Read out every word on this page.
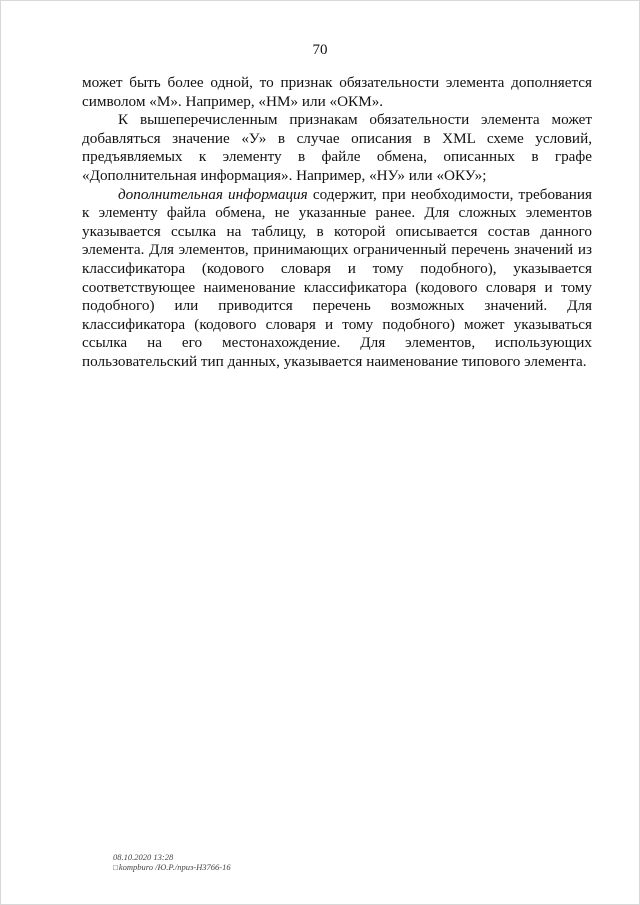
70

может быть более одной, то признак обязательности элемента дополняется символом «М». Например, «НМ» или «ОКМ».

К вышеперечисленным признакам обязательности элемента может добавляться значение «У» в случае описания в XML схеме условий, предъявляемых к элементу в файле обмена, описанных в графе «Дополнительная информация». Например, «НУ» или «ОКУ»;

дополнительная информация содержит, при необходимости, требования к элементу файла обмена, не указанные ранее. Для сложных элементов указывается ссылка на таблицу, в которой описывается состав данного элемента. Для элементов, принимающих ограниченный перечень значений из классификатора (кодового словаря и тому подобного), указывается соответствующее наименование классификатора (кодового словаря и тому подобного) или приводится перечень возможных значений. Для классификатора (кодового словаря и тому подобного) может указываться ссылка на его местонахождение. Для элементов, использующих пользовательский тип данных, указывается наименование типового элемента.

08.10.2020 13:28
□kompburo /Ю.Р./приз-Н3766-16
